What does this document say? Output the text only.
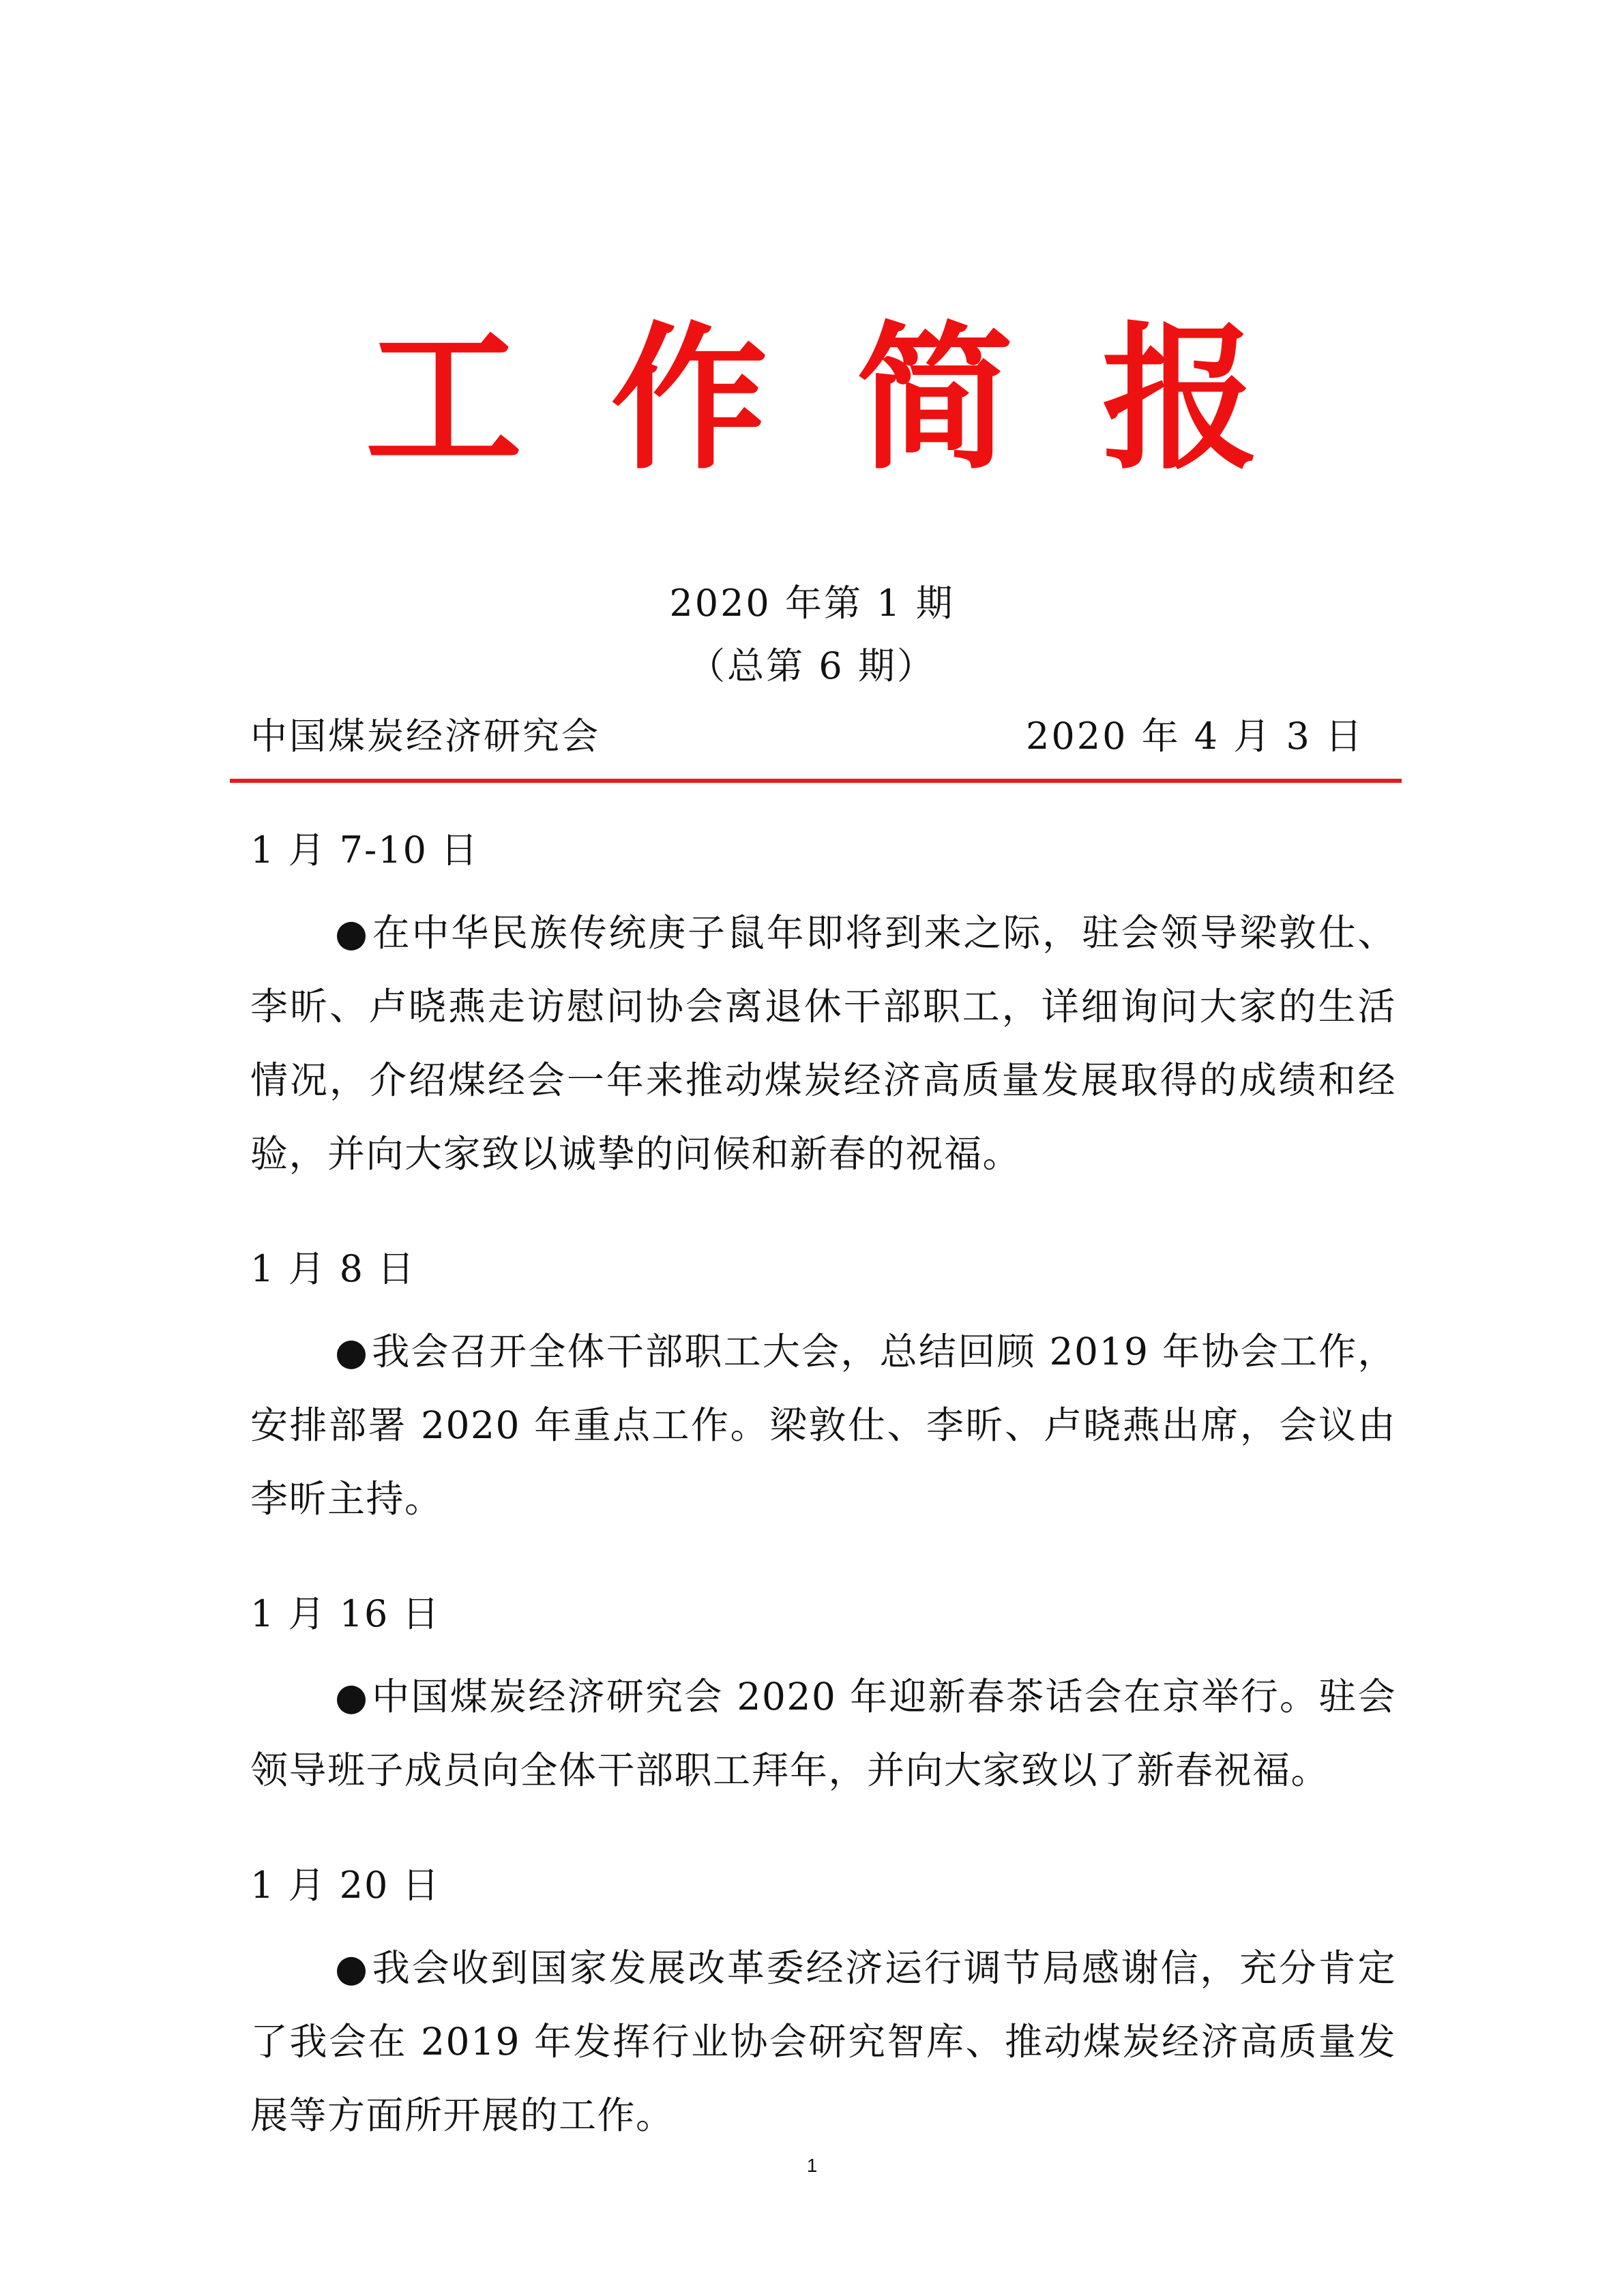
工作简报
2020 年第 1 期
（总第 6 期）
中国煤炭经济研究会	2020 年 4 月 3 日
1 月 7-10 日

●在中华民族传统庚子鼠年即将到来之际，驻会领导梁敦仕、李昕、卢晓燕走访慰问协会离退休干部职工，详细询问大家的生活情况，介绍煤经会一年来推动煤炭经济高质量发展取得的成绩和经验，并向大家致以诚挚的问候和新春的祝福。

1 月 8 日

●我会召开全体干部职工大会，总结回顾 2019 年协会工作，安排部署 2020 年重点工作。梁敦仕、李昕、卢晓燕出席，会议由李昕主持。

1 月 16 日

●中国煤炭经济研究会 2020 年迎新春茶话会在京举行。驻会领导班子成员向全体干部职工拜年，并向大家致以了新春祝福。

1 月 20 日

●我会收到国家发展改革委经济运行调节局感谢信，充分肯定了我会在 2019 年发挥行业协会研究智库、推动煤炭经济高质量发展等方面所开展的工作。

1
